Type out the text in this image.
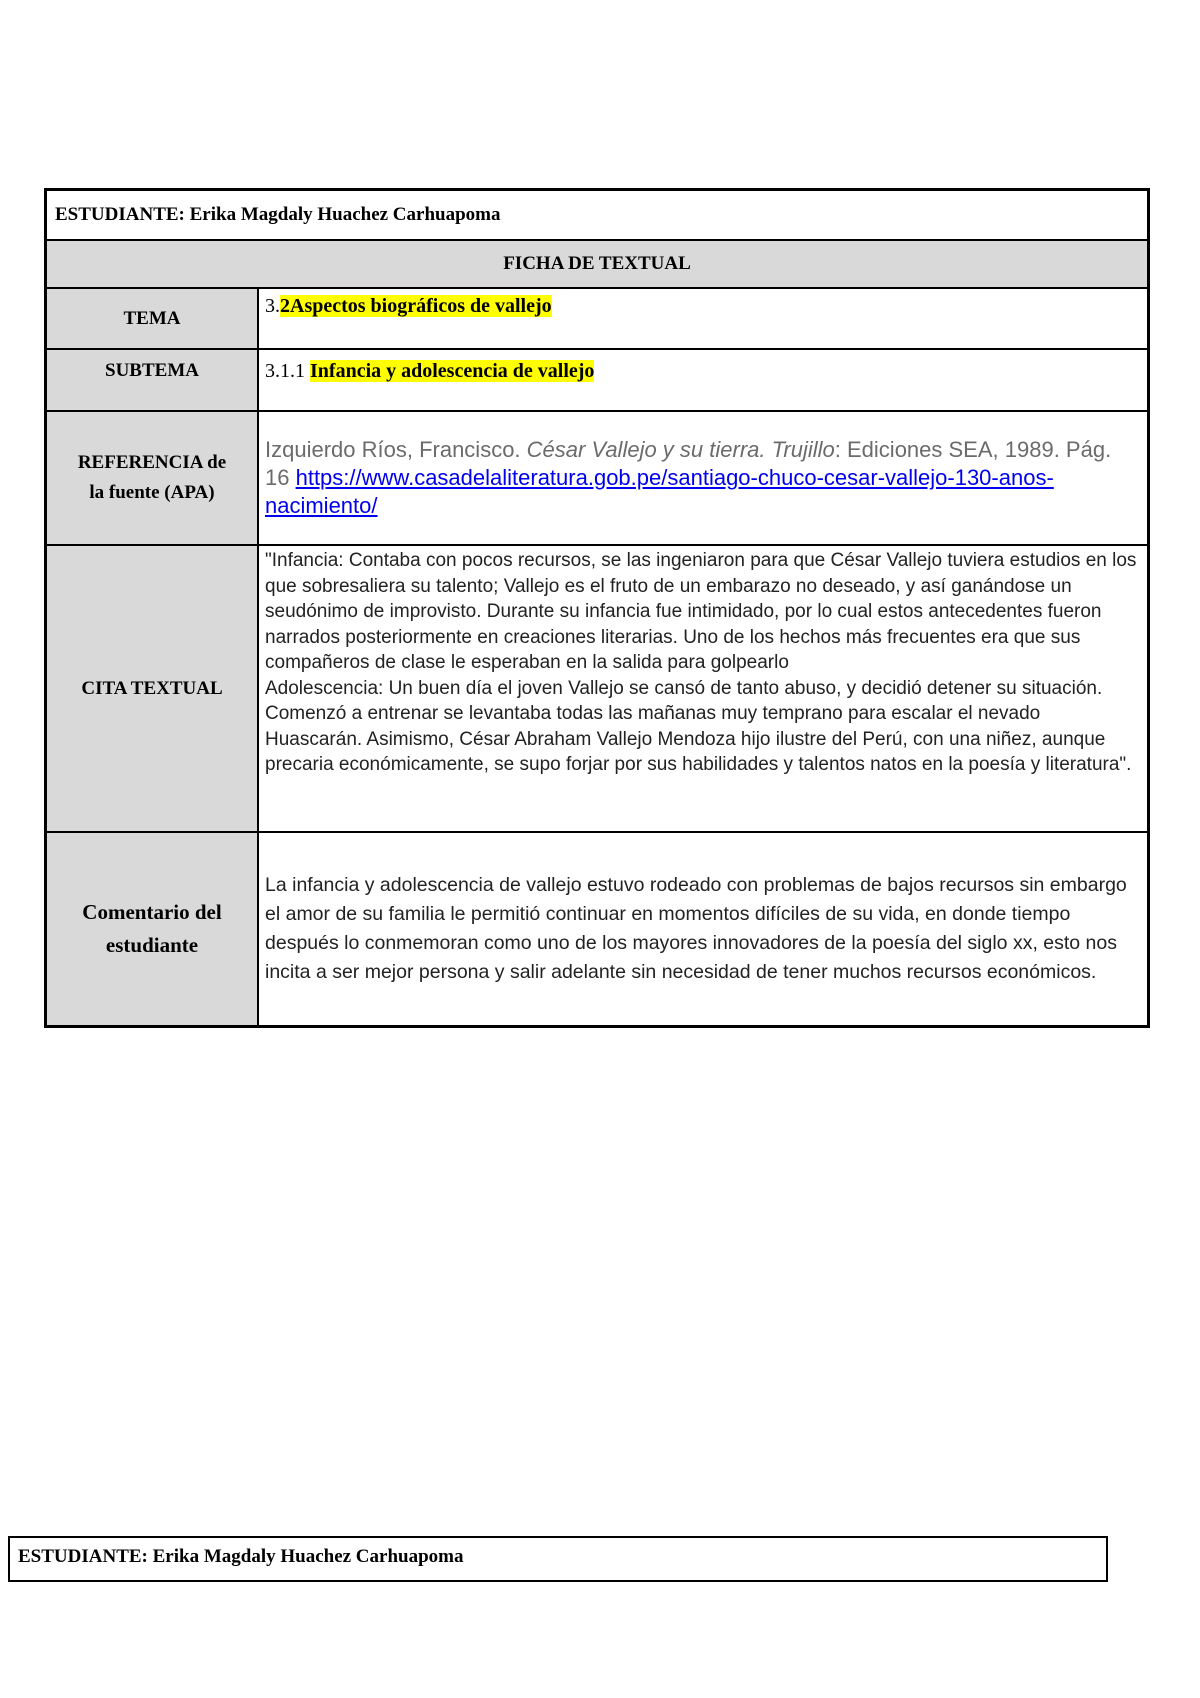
ESTUDIANTE: Erika Magdaly Huachez Carhuapoma	
FICHA DE TEXTUAL	
TEMA	3.2Aspectos biográficos de vallejo
SUBTEMA	3.1.1 Infancia y adolescencia de vallejo
REFERENCIA de
la fuente (APA)	Izquierdo Ríos, Francisco. César Vallejo y su tierra. Trujillo: Ediciones SEA, 1989. Pág. 16 https://www.casadelaliteratura.gob.pe/santiago-chuco-cesar-vallejo-130-anos-nacimiento/
CITA TEXTUAL	"Infancia: Contaba con pocos recursos, se las ingeniaron para que César Vallejo tuviera estudios en los que sobresaliera su talento; Vallejo es el fruto de un embarazo no deseado, y así ganándose un seudónimo de improvisto. Durante su infancia fue intimidado, por lo cual estos antecedentes fueron narrados posteriormente en creaciones literarias. Uno de los hechos más frecuentes era que sus compañeros de clase le esperaban en la salida para golpearlo
Adolescencia: Un buen día el joven Vallejo se cansó de tanto abuso, y decidió detener su situación. Comenzó a entrenar se levantaba todas las mañanas muy temprano para escalar el nevado Huascarán. Asimismo, César Abraham Vallejo Mendoza hijo ilustre del Perú, con una niñez, aunque precaria económicamente, se supo forjar por sus habilidades y talentos natos en la poesía y literatura".

Comentario del
estudiante	La infancia y adolescencia de vallejo estuvo rodeado con problemas de bajos recursos sin embargo el amor de su familia le permitió continuar en momentos difíciles de su vida, en donde tiempo después lo conmemoran como uno de los mayores innovadores de la poesía del siglo xx, esto nos incita a ser mejor persona y salir adelante sin necesidad de tener muchos recursos económicos.
ESTUDIANTE: Erika Magdaly Huachez Carhuapoma
